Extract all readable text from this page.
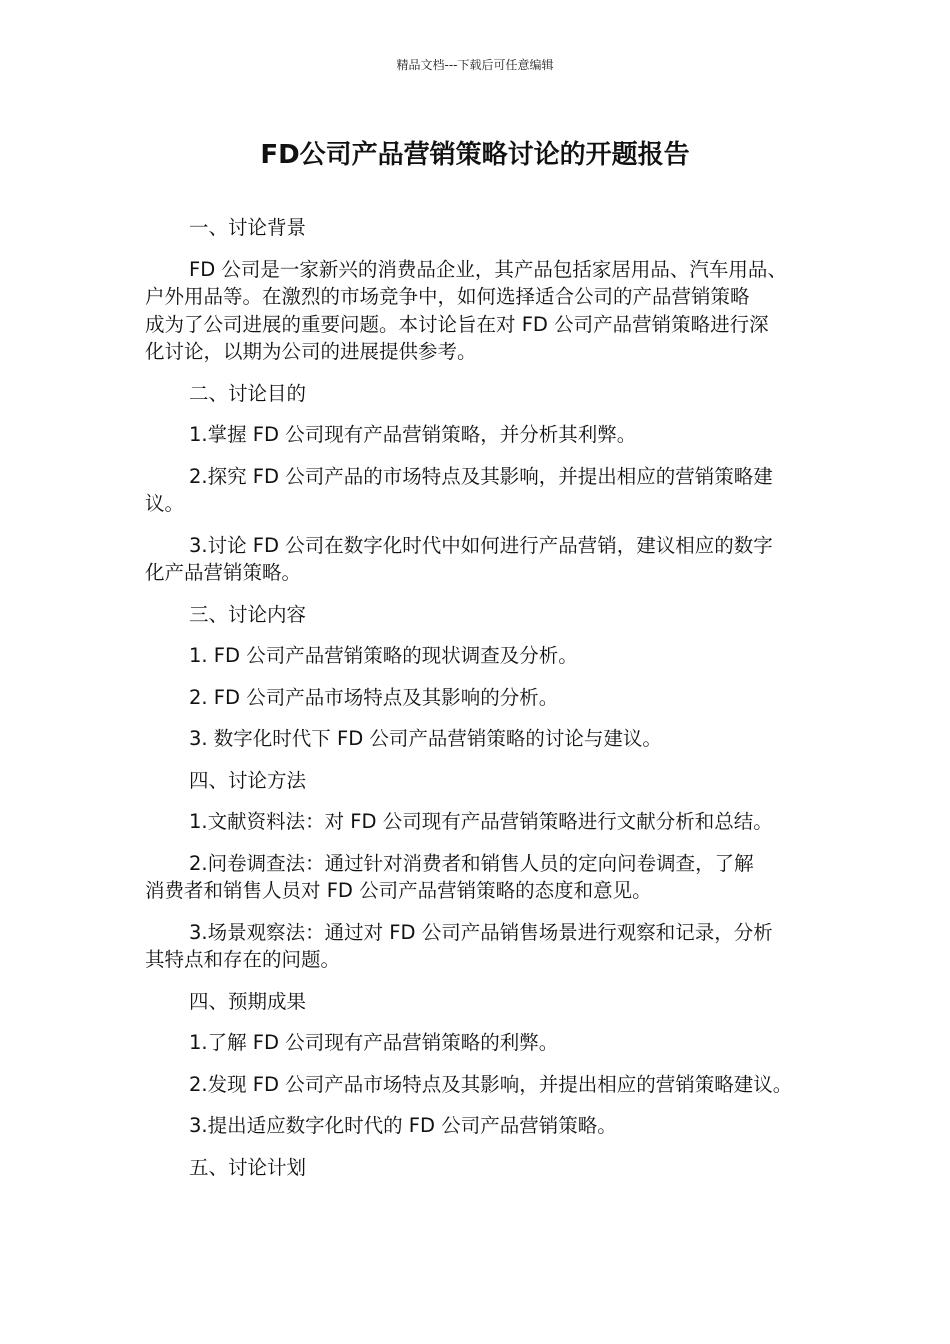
精品文档---下载后可任意编辑
FD公司产品营销策略讨论的开题报告

一、讨论背景

FD 公司是一家新兴的消费品企业，其产品包括家居用品、汽车用品、
户外用品等。在激烈的市场竞争中，如何选择适合公司的产品营销策略
成为了公司进展的重要问题。本讨论旨在对 FD 公司产品营销策略进行深
化讨论，以期为公司的进展提供参考。

二、讨论目的

1.掌握 FD 公司现有产品营销策略，并分析其利弊。

2.探究 FD 公司产品的市场特点及其影响，并提出相应的营销策略建
议。

3.讨论 FD 公司在数字化时代中如何进行产品营销，建议相应的数字
化产品营销策略。

三、讨论内容

1. FD 公司产品营销策略的现状调查及分析。

2. FD 公司产品市场特点及其影响的分析。

3. 数字化时代下 FD 公司产品营销策略的讨论与建议。

四、讨论方法

1.文献资料法：对 FD 公司现有产品营销策略进行文献分析和总结。

2.问卷调查法：通过针对消费者和销售人员的定向问卷调查，了解
消费者和销售人员对 FD 公司产品营销策略的态度和意见。

3.场景观察法：通过对 FD 公司产品销售场景进行观察和记录，分析
其特点和存在的问题。

四、预期成果

1.了解 FD 公司现有产品营销策略的利弊。

2.发现 FD 公司产品市场特点及其影响，并提出相应的营销策略建议。

3.提出适应数字化时代的 FD 公司产品营销策略。

五、讨论计划
